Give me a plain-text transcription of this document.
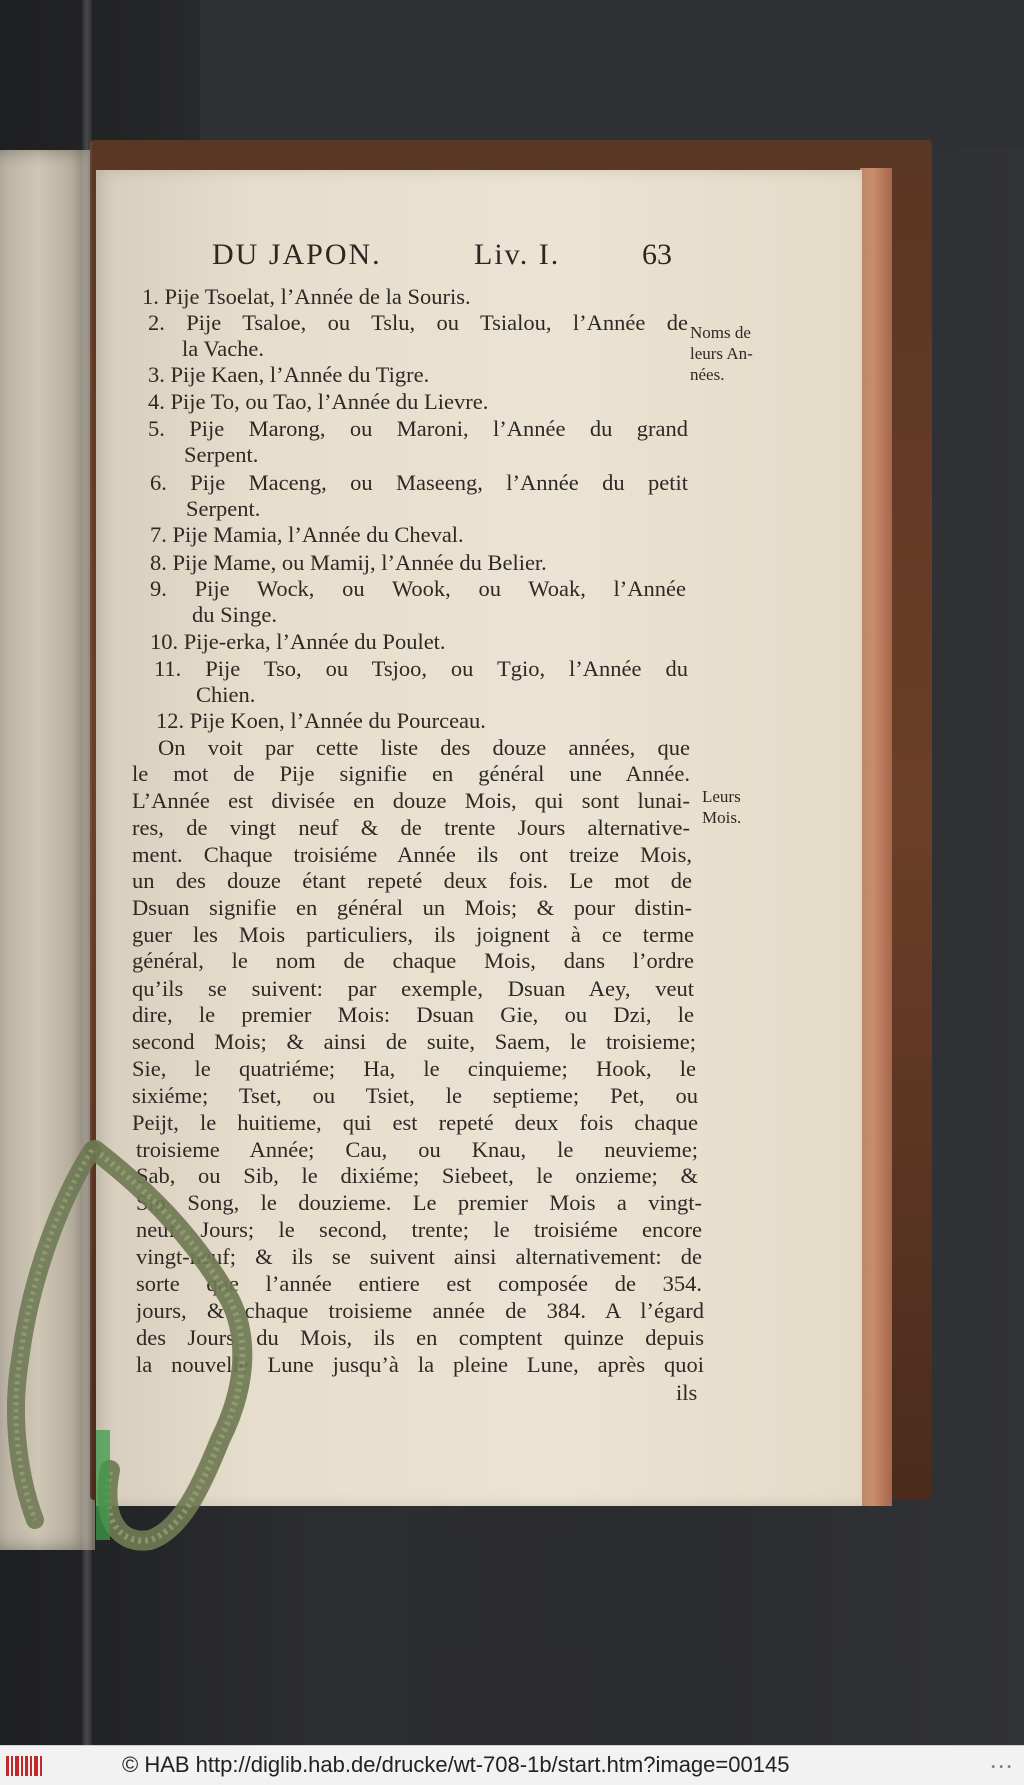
DU JAPON.	Liv. I.	63
Noms de
leurs An-
nées.
Leurs
Mois.
1. Pije Tsoelat, l’Année de la Souris.
2. Pije Tsaloe, ou Tslu, ou Tsialou, l’Année de
la Vache.
3. Pije Kaen, l’Année du Tigre.
4. Pije To, ou Tao, l’Année du Lievre.
5. Pije Marong, ou Maroni, l’Année du grand
Serpent.
6. Pije Maceng, ou Maseeng, l’Année du petit
Serpent.
7. Pije Mamia, l’Année du Cheval.
8. Pije Mame, ou Mamij, l’Année du Belier.
9. Pije Wock, ou Wook, ou Woak, l’Année
du Singe.
10. Pije-erka, l’Année du Poulet.
11. Pije Tso, ou Tsjoo, ou Tgio, l’Année du
Chien.
12. Pije Koen, l’Année du Pourceau.
On voit par cette liste des douze années, que
le mot de Pije signifie en général une Année.
L’Année est divisée en douze Mois, qui sont lunai-
res, de vingt neuf & de trente Jours alternative-
ment. Chaque troisiéme Année ils ont treize Mois,
un des douze étant repeté deux fois. Le mot de
Dsuan signifie en général un Mois; & pour distin-
guer les Mois particuliers, ils joignent à ce terme
général, le nom de chaque Mois, dans l’ordre
qu’ils se suivent: par exemple, Dsuan Aey, veut
dire, le premier Mois: Dsuan Gie, ou Dzi, le
second Mois; & ainsi de suite, Saem, le troisieme;
Sie, le quatriéme; Ha, le cinquieme; Hook, le
sixiéme; Tset, ou Tsiet, le septieme; Pet, ou
Peijt, le huitieme, qui est repeté deux fois chaque
troisieme Année; Cau, ou Knau, le neuvieme;
Sab, ou Sib, le dixiéme; Siebeet, le onzieme; &
Sip Song, le douzieme. Le premier Mois a vingt-
neuf Jours; le second, trente; le troisiéme encore
vingt-neuf; & ils se suivent ainsi alternativement: de
sorte que l’année entiere est composée de 354.
jours, & chaque troisieme année de 384. A l’égard
des Jours du Mois, ils en comptent quinze depuis
la nouvelle Lune jusqu’à la pleine Lune, après quoi
ils
© HAB http://diglib.hab.de/drucke/wt-708-1b/start.htm?image=00145	•••
